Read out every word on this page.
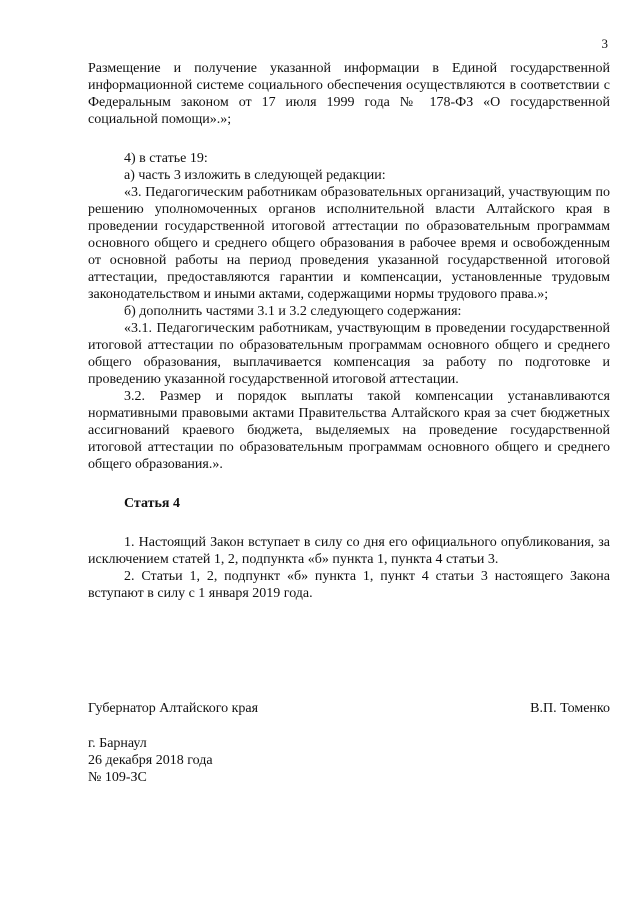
3

Размещение и получение указанной информации в Единой государственной информационной системе социального обеспечения осуществляются в соответствии с Федеральным законом от 17 июля 1999 года № 178-ФЗ «О государственной социальной помощи».»;

4) в статье 19:

а) часть 3 изложить в следующей редакции:

«3. Педагогическим работникам образовательных организаций, участвующим по решению уполномоченных органов исполнительной власти Алтайского края в проведении государственной итоговой аттестации по образовательным программам основного общего и среднего общего образования в рабочее время и освобожденным от основной работы на период проведения указанной государственной итоговой аттестации, предоставляются гарантии и компенсации, установленные трудовым законодательством и иными актами, содержащими нормы трудового права.»;

б) дополнить частями 3.1 и 3.2 следующего содержания:

«3.1. Педагогическим работникам, участвующим в проведении государственной итоговой аттестации по образовательным программам основного общего и среднего общего образования, выплачивается компенсация за работу по подготовке и проведению указанной государственной итоговой аттестации.

3.2. Размер и порядок выплаты такой компенсации устанавливаются нормативными правовыми актами Правительства Алтайского края за счет бюджетных ассигнований краевого бюджета, выделяемых на проведение государственной итоговой аттестации по образовательным программам основного общего и среднего общего образования.».

Статья 4

1. Настоящий Закон вступает в силу со дня его официального опубликования, за исключением статей 1, 2, подпункта «б» пункта 1, пункта 4 статьи 3.

2. Статьи 1, 2, подпункт «б» пункта 1, пункт 4 статьи 3 настоящего Закона вступают в силу с 1 января 2019 года.

Губернатор Алтайского края	В.П. Томенко
г. Барнаул
26 декабря 2018 года
№ 109-ЗС
